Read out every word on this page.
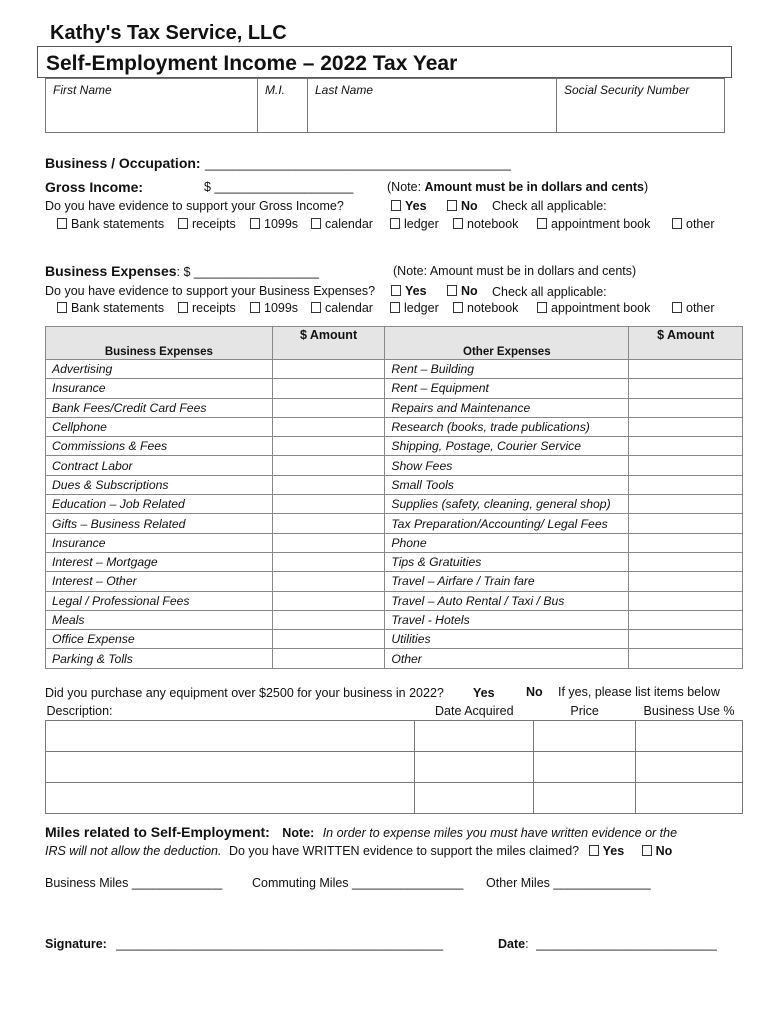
Kathy's Tax Service, LLC
Self-Employment Income – 2022 Tax Year
First Name	M.I.	Last Name	Social Security Number
Business / Occupation: ____________________________________________
Gross Income:	$ ____________________	(Note: Amount must be in dollars and cents)
Do you have evidence to support your Gross Income?	Yes	No Check all applicable:
Bank statements	receipts	1099s	calendar	ledger	notebook	appointment book	other
Business Expenses: $ __________________	(Note: Amount must be in dollars and cents)
Do you have evidence to support your Business Expenses?	Yes	No Check all applicable:
Bank statements	receipts	1099s	calendar	ledger	notebook	appointment book	other
Business Expenses	$ Amount	Other Expenses	$ Amount
Advertising		Rent – Building	
Insurance		Rent – Equipment	
Bank Fees/Credit Card Fees		Repairs and Maintenance	
Cellphone		Research (books, trade publications)	
Commissions & Fees		Shipping, Postage, Courier Service	
Contract Labor		Show Fees	
Dues & Subscriptions		Small Tools	
Education – Job Related		Supplies (safety, cleaning, general shop)	
Gifts – Business Related		Tax Preparation/Accounting/ Legal Fees	
Insurance		Phone	
Interest – Mortgage		Tips & Gratuities	
Interest – Other		Travel – Airfare / Train fare	
Legal / Professional Fees		Travel – Auto Rental / Taxi / Bus	
Meals		Travel - Hotels	
Office Expense		Utilities	
Parking & Tolls		Other	
Did you purchase any equipment over $2500 for your business in 2022? Yes	No If yes, please list items below
Description:	Date Acquired	Price	Business Use %

Miles related to Self-Employment: Note: In order to expense miles you must have written evidence or the
IRS will not allow the deduction. Do you have WRITTEN evidence to support the miles claimed? Yes	No
Business Miles _____________ Commuting Miles ________________ Other Miles ______________
Signature: _______________________________________________	Date: __________________________
